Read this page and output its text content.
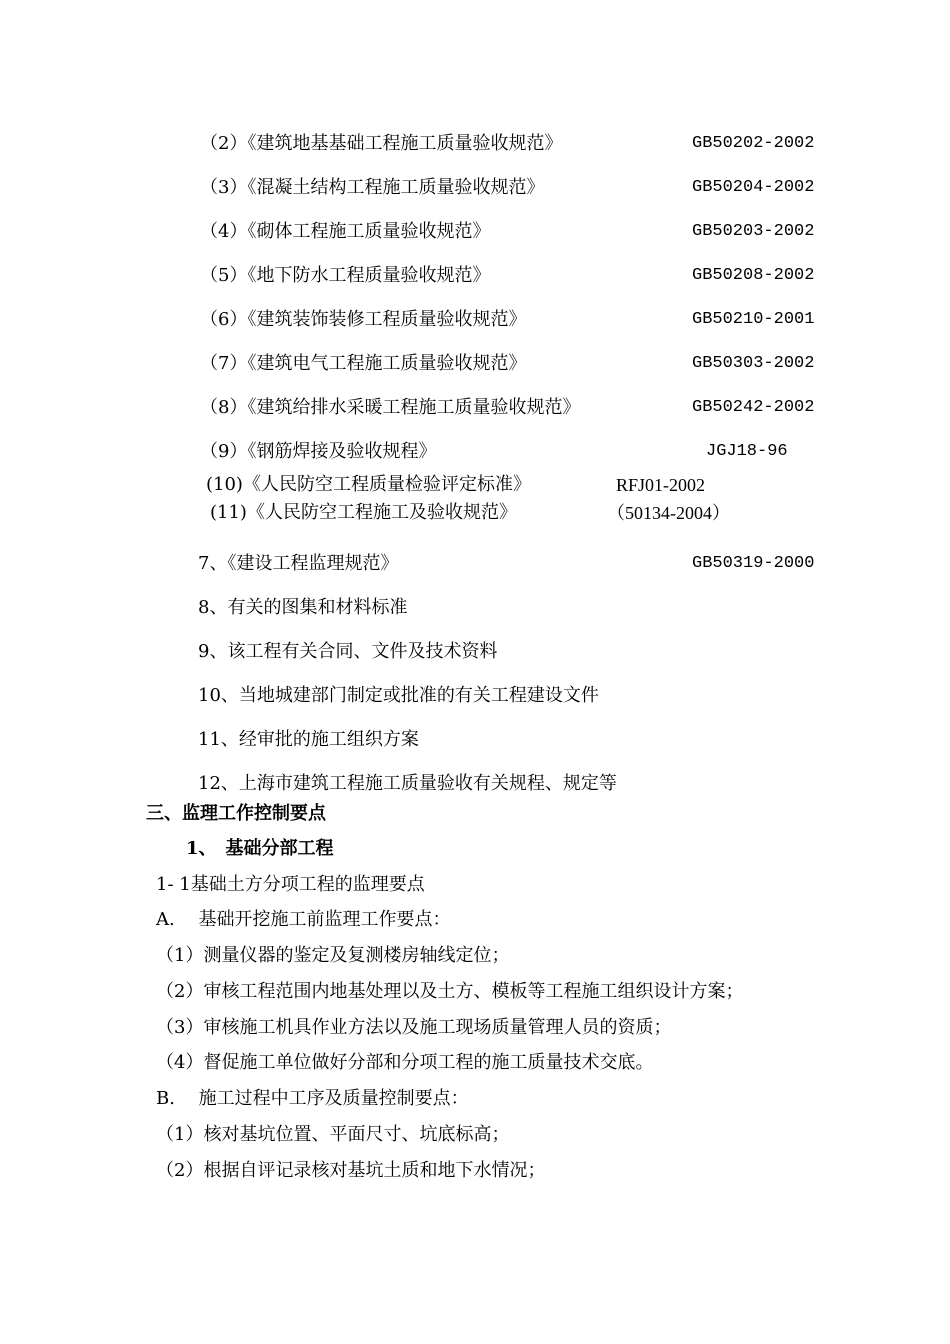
（2）《建筑地基基础工程施工质量验收规范》	GB50202-2002
（3）《混凝土结构工程施工质量验收规范》	GB50204-2002
（4）《砌体工程施工质量验收规范》	GB50203-2002
（5）《地下防水工程质量验收规范》	GB50208-2002
（6）《建筑装饰装修工程质量验收规范》	GB50210-2001
（7）《建筑电气工程施工质量验收规范》	GB50303-2002
（8）《建筑给排水采暖工程施工质量验收规范》	GB50242-2002
（9）《钢筋焊接及验收规程》	JGJ18-96
(10)《人民防空工程质量检验评定标准》	RFJ01-2002
(11)《人民防空工程施工及验收规范》	（50134-2004）
7、《建设工程监理规范》	GB50319-2000
8、有关的图集和材料标准
9、该工程有关合同、文件及技术资料
10、当地城建部门制定或批准的有关工程建设文件
11、经审批的施工组织方案
12、上海市建筑工程施工质量验收有关规程、规定等
三、监理工作控制要点
1、　基础分部工程
1- 1基础土方分项工程的监理要点
A.　 基础开挖施工前监理工作要点：
（1）测量仪器的鉴定及复测楼房轴线定位；
（2）审核工程范围内地基处理以及土方、模板等工程施工组织设计方案；
（3）审核施工机具作业方法以及施工现场质量管理人员的资质；
（4）督促施工单位做好分部和分项工程的施工质量技术交底。
B.　 施工过程中工序及质量控制要点：
（1）核对基坑位置、平面尺寸、坑底标高；
（2）根据自评记录核对基坑土质和地下水情况；
